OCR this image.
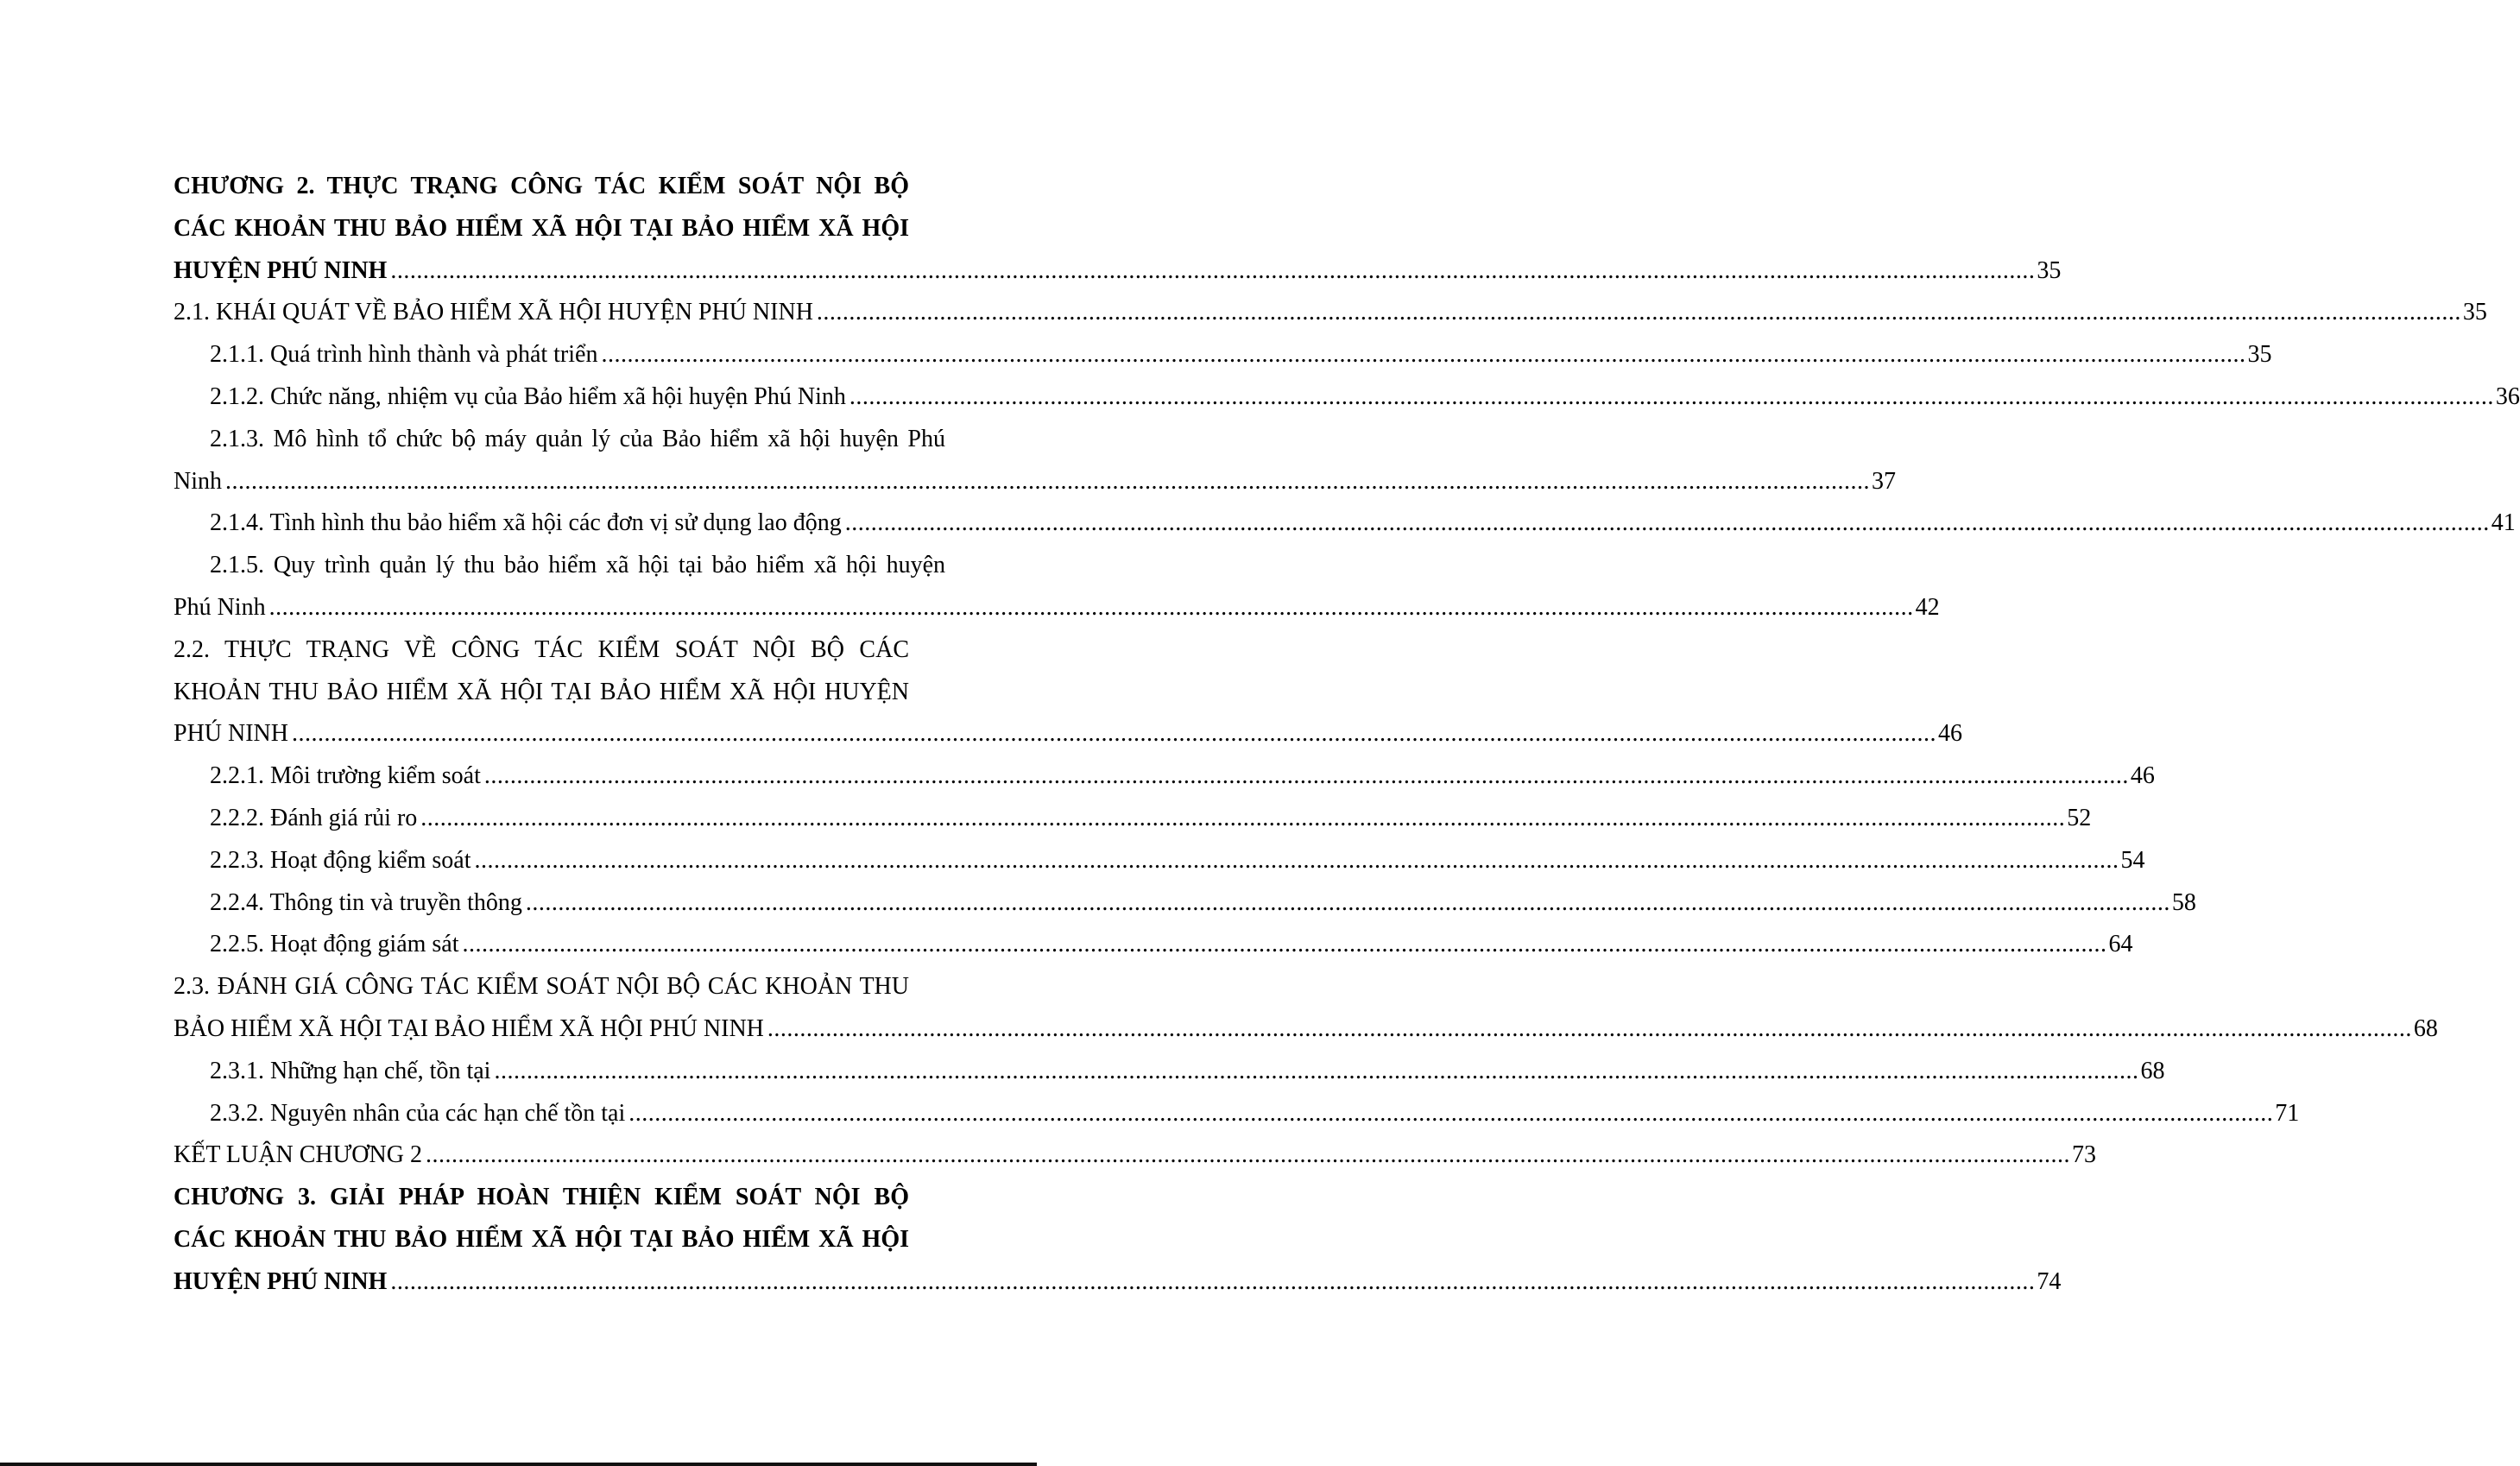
CHƯƠNG 2. THỰC TRẠNG CÔNG TÁC KIỂM SOÁT NỘI BỘ
CÁC KHOẢN THU BẢO HIỂM XÃ HỘI TẠI BẢO HIỂM XÃ HỘI
HUYỆN PHÚ NINH .....	35
2.1. KHÁI QUÁT VỀ BẢO HIỂM XÃ HỘI HUYỆN PHÚ NINH .....	35
2.1.1. Quá trình hình thành và phát triển .....	35
2.1.2. Chức năng, nhiệm vụ của Bảo hiểm xã hội huyện Phú Ninh .....	36
2.1.3. Mô hình tổ chức bộ máy quản lý của Bảo hiểm xã hội huyện Phú
Ninh .....	37
2.1.4. Tình hình thu bảo hiểm xã hội các đơn vị sử dụng lao động .....	41
2.1.5. Quy trình quản lý thu bảo hiểm xã hội tại bảo hiểm xã hội huyện
Phú Ninh .....	42
2.2. THỰC TRẠNG VỀ CÔNG TÁC KIỂM SOÁT NỘI BỘ CÁC
KHOẢN THU BẢO HIỂM XÃ HỘI TẠI BẢO HIỂM XÃ HỘI HUYỆN
PHÚ NINH .....	46
2.2.1. Môi trường kiểm soát .....	46
2.2.2. Đánh giá rủi ro .....	52
2.2.3. Hoạt động kiểm soát .....	54
2.2.4. Thông tin và truyền thông .....	58
2.2.5. Hoạt động giám sát .....	64
2.3. ĐÁNH GIÁ CÔNG TÁC KIỂM SOÁT NỘI BỘ CÁC KHOẢN THU
BẢO HIỂM XÃ HỘI TẠI BẢO HIỂM XÃ HỘI PHÚ NINH .....	68
2.3.1. Những hạn chế, tồn tại .....	68
2.3.2. Nguyên nhân của các hạn chế tồn tại .....	71
KẾT LUẬN CHƯƠNG 2 .....	73
CHƯƠNG 3. GIẢI PHÁP HOÀN THIỆN KIỂM SOÁT NỘI BỘ
CÁC KHOẢN THU BẢO HIỂM XÃ HỘI TẠI BẢO HIỂM XÃ HỘI
HUYỆN PHÚ NINH .....	74
